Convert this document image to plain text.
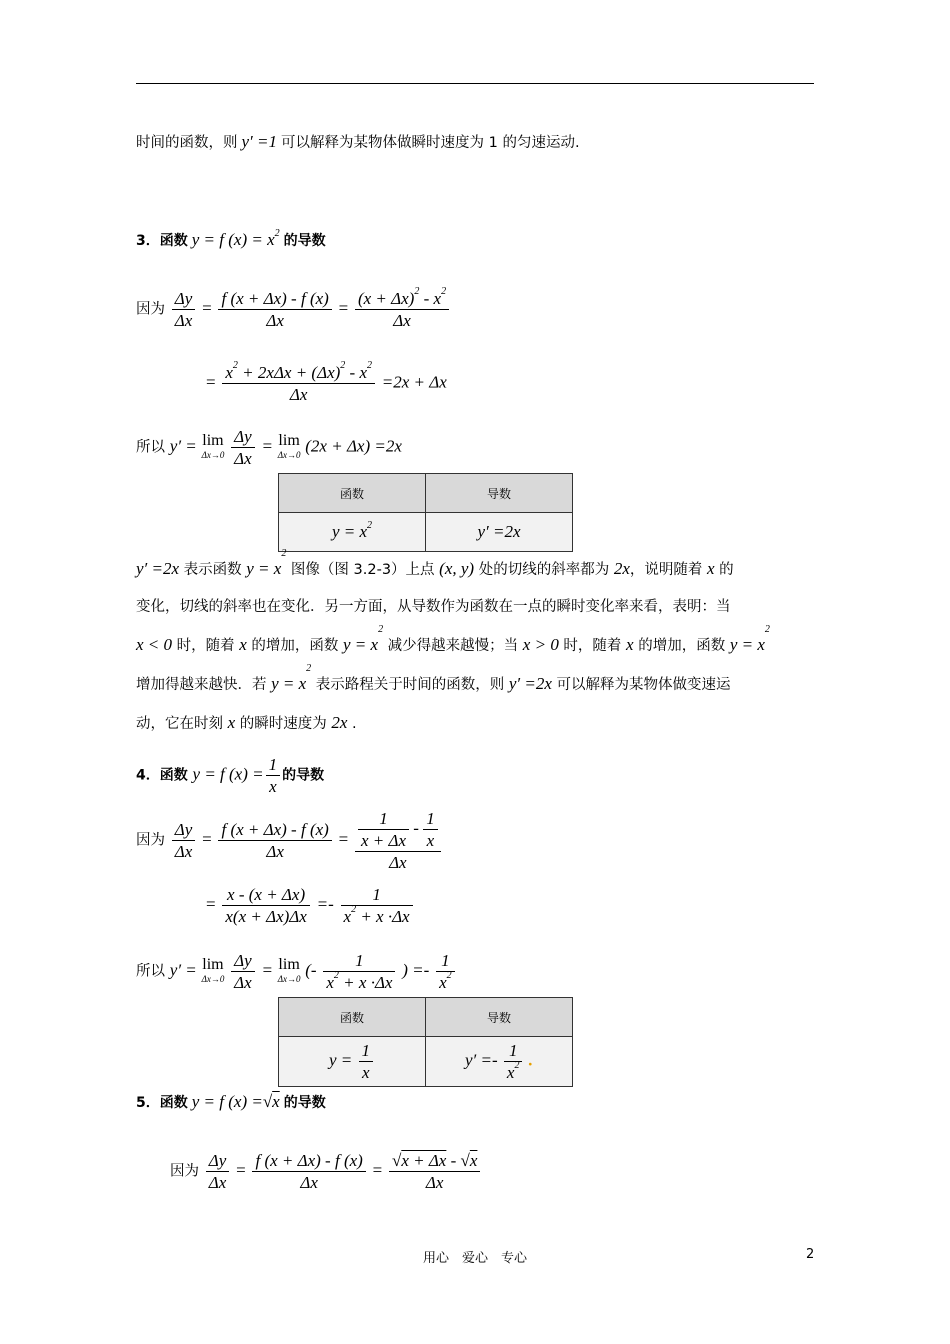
时间的函数，则 y′ =1 可以解释为某物体做瞬时速度为 1 的匀速运动.
3．函数 y = f $(x) = x^2$ 的导数
因为 $\frac{\Delta y}{\Delta x} = \frac{f (x + \Delta x) - f (x)}{\Delta x} = \frac{(x + \Delta x)^2 - x^2}{\Delta x}$
= $\frac{x^2 + 2x\Delta x + (\Delta x)^2 - x^2}{\Delta x} =2x + \Delta x$
所以 y′ = lim
Δx→0
$\frac{\Delta y}{\Delta x} = \lim$
Δx→0 (2x + Δx) =2x
函数	导数
$y = x^2$	y′ =2x
y′ =2x 表示函数 $y = x^2$ 图像（图 3.2-3）上点 (x, y) 处的切线的斜率都为 2x，说明随着 x 的
变化，切线的斜率也在变化．另一方面，从导数作为函数在一点的瞬时变化率来看，表明：当
x < 0 时，随着 x 的增加，函数 $y = x^2$ 减少得越来越慢；当 x > 0 时，随着 x 的增加，函数 $y = x^2$
增加得越来越快．若 $y = x^2$ 表示路程关于时间的函数，则 y′ =2x 可以解释为某物体做变速运
动，它在时刻 x 的瞬时速度为 2x .
4．函数 y = f $(x) = \frac{1}{x}$ 的导数
因为 $\frac{\Delta y}{\Delta x} = \frac{f (x + \Delta x) - f (x)}{\Delta x} = \frac{\frac{1}{x + \Delta x} - \frac{1}{x}}{\Delta x}$
= $\frac{x - (x + \Delta x)}{x(x + \Delta x)\Delta x} =- \frac{1}{x^2 + x \cdot\Delta x}$
所以 y′ = lim
Δx→0
$\frac{\Delta y}{\Delta x} = \lim$
Δx→0 (- $\frac{1}{x^2 + x \cdot\Delta x}$ ) =- $\frac{1}{x^2}$
函数	导数
$y = \frac{1}{x}$	$y' =- \frac{1}{x^2}$ .
5．函数 y = f (x) =√x 的导数
因为 $\frac{\Delta y}{\Delta x} = \frac{f (x + \Delta x) - f (x)}{\Delta x} = \frac{√x + \Delta x - √x}{\Delta x}$
用心　爱心　专心	2
